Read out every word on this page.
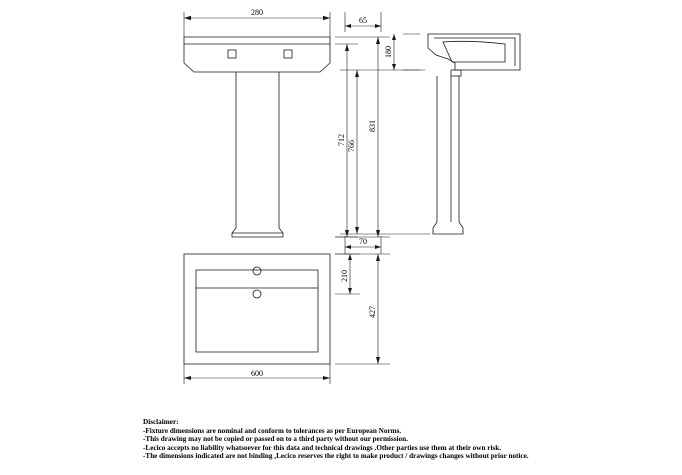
280
65
180
712
831
766
70
210
427
600
Disclaimer:
-Fixture dimensions are nominal and conform to tolerances as per European Norms.
-This drawing may not be copied or passed on to a third party without our permission.
-Lecico accepts no liability whatsoever for this data and technical drawings .Other parties use them at their own risk.
-The dimensions indicated are not binding ,Lecico reserves the right to make product / drawings changes without prior notice.
